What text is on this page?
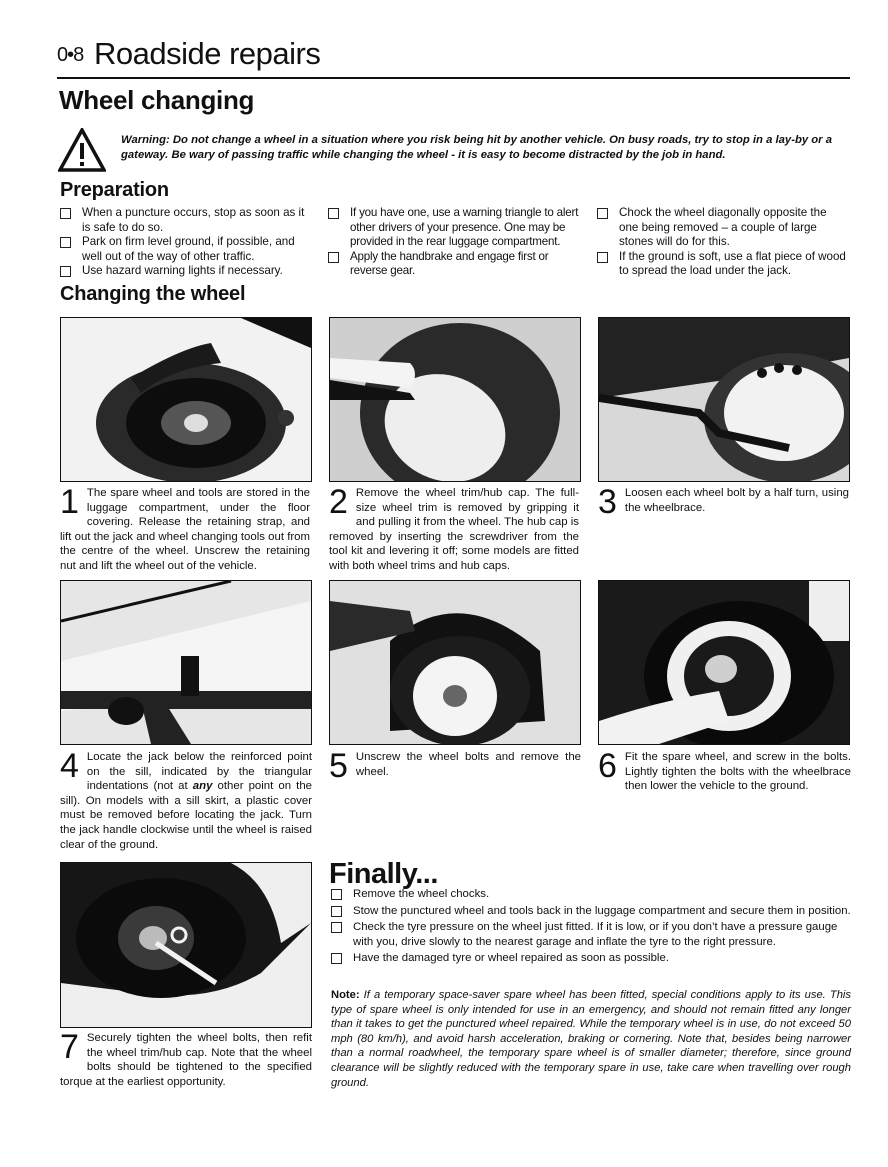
0•8 Roadside repairs
Wheel changing
Warning: Do not change a wheel in a situation where you risk being hit by another vehicle. On busy roads, try to stop in a lay-by or a gateway. Be wary of passing traffic while changing the wheel - it is easy to become distracted by the job in hand.
Preparation
When a puncture occurs, stop as soon as it is safe to do so.
Park on firm level ground, if possible, and well out of the way of other traffic.
Use hazard warning lights if necessary.
If you have one, use a warning triangle to alert other drivers of your presence. One may be provided in the rear luggage compartment.
Apply the handbrake and engage first or reverse gear.
Chock the wheel diagonally opposite the one being removed – a couple of large stones will do for this.
If the ground is soft, use a flat piece of wood to spread the load under the jack.
Changing the wheel
1 The spare wheel and tools are stored in the luggage compartment, under the floor covering. Release the retaining strap, and lift out the jack and wheel changing tools out from the centre of the wheel. Unscrew the retaining nut and lift the wheel out of the vehicle.
2 Remove the wheel trim/hub cap. The full-size wheel trim is removed by gripping it and pulling it from the wheel. The hub cap is removed by inserting the screwdriver from the tool kit and levering it off; some models are fitted with both wheel trims and hub caps.
3 Loosen each wheel bolt by a half turn, using the wheelbrace.
4 Locate the jack below the reinforced point on the sill, indicated by the triangular indentations (not at any other point on the sill). On models with a sill skirt, a plastic cover must be removed before locating the jack. Turn the jack handle clockwise until the wheel is raised clear of the ground.
5 Unscrew the wheel bolts and remove the wheel.	6 Fit the spare wheel, and screw in the bolts. Lightly tighten the bolts with the wheelbrace then lower the vehicle to the ground.
7 Securely tighten the wheel bolts, then refit the wheel trim/hub cap. Note that the wheel bolts should be tightened to the specified torque at the earliest opportunity.
Finally...
Remove the wheel chocks.
Stow the punctured wheel and tools back in the luggage compartment and secure them in position.
Check the tyre pressure on the wheel just fitted. If it is low, or if you don’t have a pressure gauge with you, drive slowly to the nearest garage and inflate the tyre to the right pressure.
Have the damaged tyre or wheel repaired as soon as possible.
Note: If a temporary space-saver spare wheel has been fitted, special conditions apply to its use. This type of spare wheel is only intended for use in an emergency, and should not remain fitted any longer than it takes to get the punctured wheel repaired. While the temporary wheel is in use, do not exceed 50 mph (80 km/h), and avoid harsh acceleration, braking or cornering. Note that, besides being narrower than a normal roadwheel, the temporary spare wheel is of smaller diameter; therefore, since ground clearance will be slightly reduced with the temporary spare in use, take care when travelling over rough ground.
